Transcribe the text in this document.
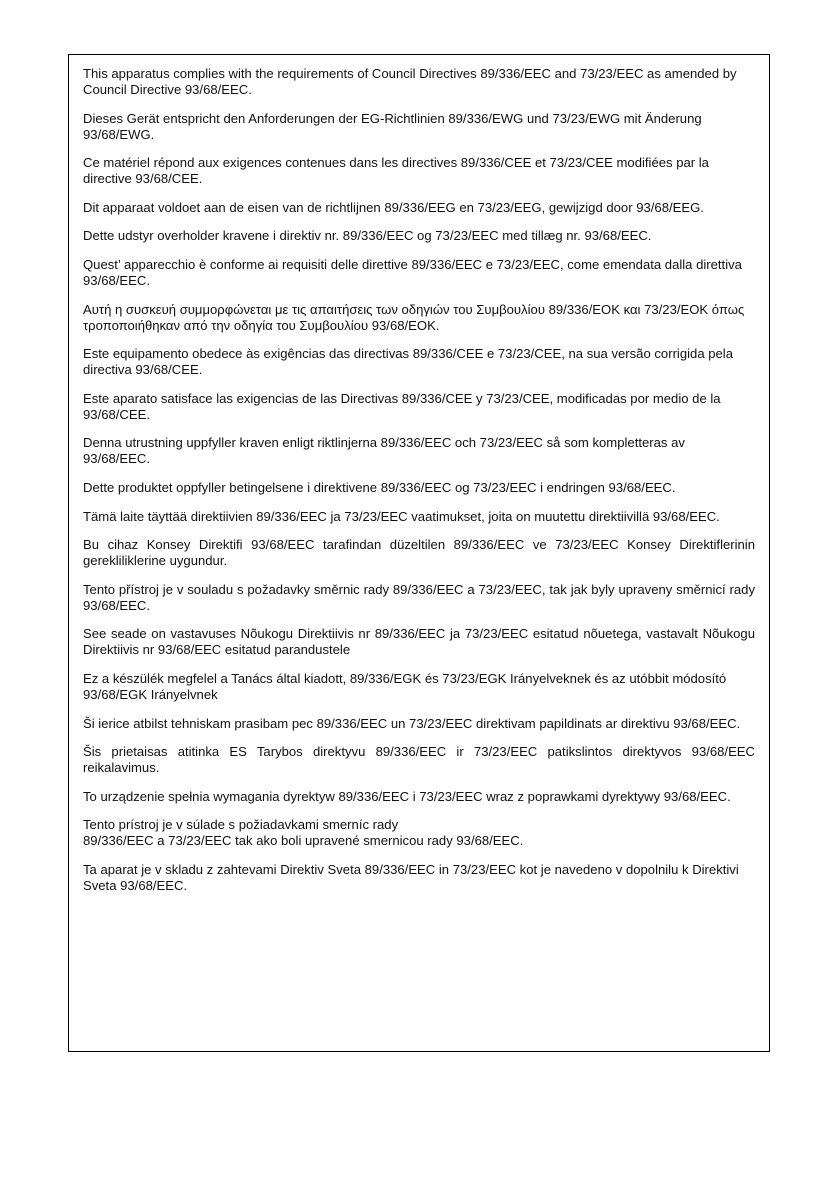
This apparatus complies with the requirements of Council Directives 89/336/EEC and 73/23/EEC as amended by Council Directive 93/68/EEC.

Dieses Gerät entspricht den Anforderungen der EG-Richtlinien 89/336/EWG und 73/23/EWG mit Änderung 93/68/EWG.

Ce matériel répond aux exigences contenues dans les directives 89/336/CEE et 73/23/CEE modifiées par la directive 93/68/CEE.

Dit apparaat voldoet aan de eisen van de richtlijnen 89/336/EEG en 73/23/EEG, gewijzigd door 93/68/EEG.

Dette udstyr overholder kravene i direktiv nr. 89/336/EEC og 73/23/EEC med tillæg nr. 93/68/EEC.

Quest’ apparecchio è conforme ai requisiti delle direttive 89/336/EEC e 73/23/EEC, come emendata dalla direttiva 93/68/EEC.

Αυτή η συσκευή συμμορφώνεται με τις απαιτήσεις των οδηγιών του Συμβουλίου 89/336/ΕΟΚ και 73/23/ΕΟΚ όπως τροποποιήθηκαν από την οδηγία του Συμβουλίου 93/68/ΕΟΚ.

Este equipamento obedece às exigências das directivas 89/336/CEE e 73/23/CEE, na sua versão corrigida pela directiva 93/68/CEE.

Este aparato satisface las exigencias de las Directivas 89/336/CEE y 73/23/CEE, modificadas por medio de la 93/68/CEE.

Denna utrustning uppfyller kraven enligt riktlinjerna 89/336/EEC och 73/23/EEC så som kompletteras av 93/68/EEC.

Dette produktet oppfyller betingelsene i direktivene 89/336/EEC og 73/23/EEC i endringen 93/68/EEC.

Tämä laite täyttää direktiivien 89/336/EEC ja 73/23/EEC vaatimukset, joita on muutettu direktiivillä 93/68/EEC.

Bu cihaz Konsey Direktifi 93/68/EEC tarafindan düzeltilen 89/336/EEC ve 73/23/EEC Konsey Direktiflerinin gerekliliklerine uygundur.

Tento přístroj je v souladu s požadavky směrnic rady 89/336/EEC a 73/23/EEC, tak jak byly upraveny směrnicí rady 93/68/EEC.

See seade on vastavuses Nõukogu Direktiivis nr 89/336/EEC ja 73/23/EEC esitatud nõuetega, vastavalt Nõukogu Direktiivis nr 93/68/EEC esitatud parandustele

Ez a készülék megfelel a Tanács által kiadott, 89/336/EGK és 73/23/EGK Irányelveknek és az utóbbit módosító 93/68/EGK Irányelvnek

Ši ierice atbilst tehniskam prasibam pec 89/336/EEC un 73/23/EEC direktivam papildinats ar direktivu 93/68/EEC.

Šis prietaisas atitinka ES Tarybos direktyvu 89/336/EEC ir 73/23/EEC patikslintos direktyvos 93/68/EEC reikalavimus.

To urządzenie spełnia wymagania dyrektyw 89/336/EEC i 73/23/EEC wraz z poprawkami dyrektywy 93/68/EEC.

Tento prístroj je v súlade s požiadavkami smerníc rady
89/336/EEC a 73/23/EEC tak ako boli upravené smernicou rady 93/68/EEC.

Ta aparat je v skladu z zahtevami Direktiv Sveta 89/336/EEC in 73/23/EEC kot je navedeno v dopolnilu k Direktivi Sveta 93/68/EEC.
